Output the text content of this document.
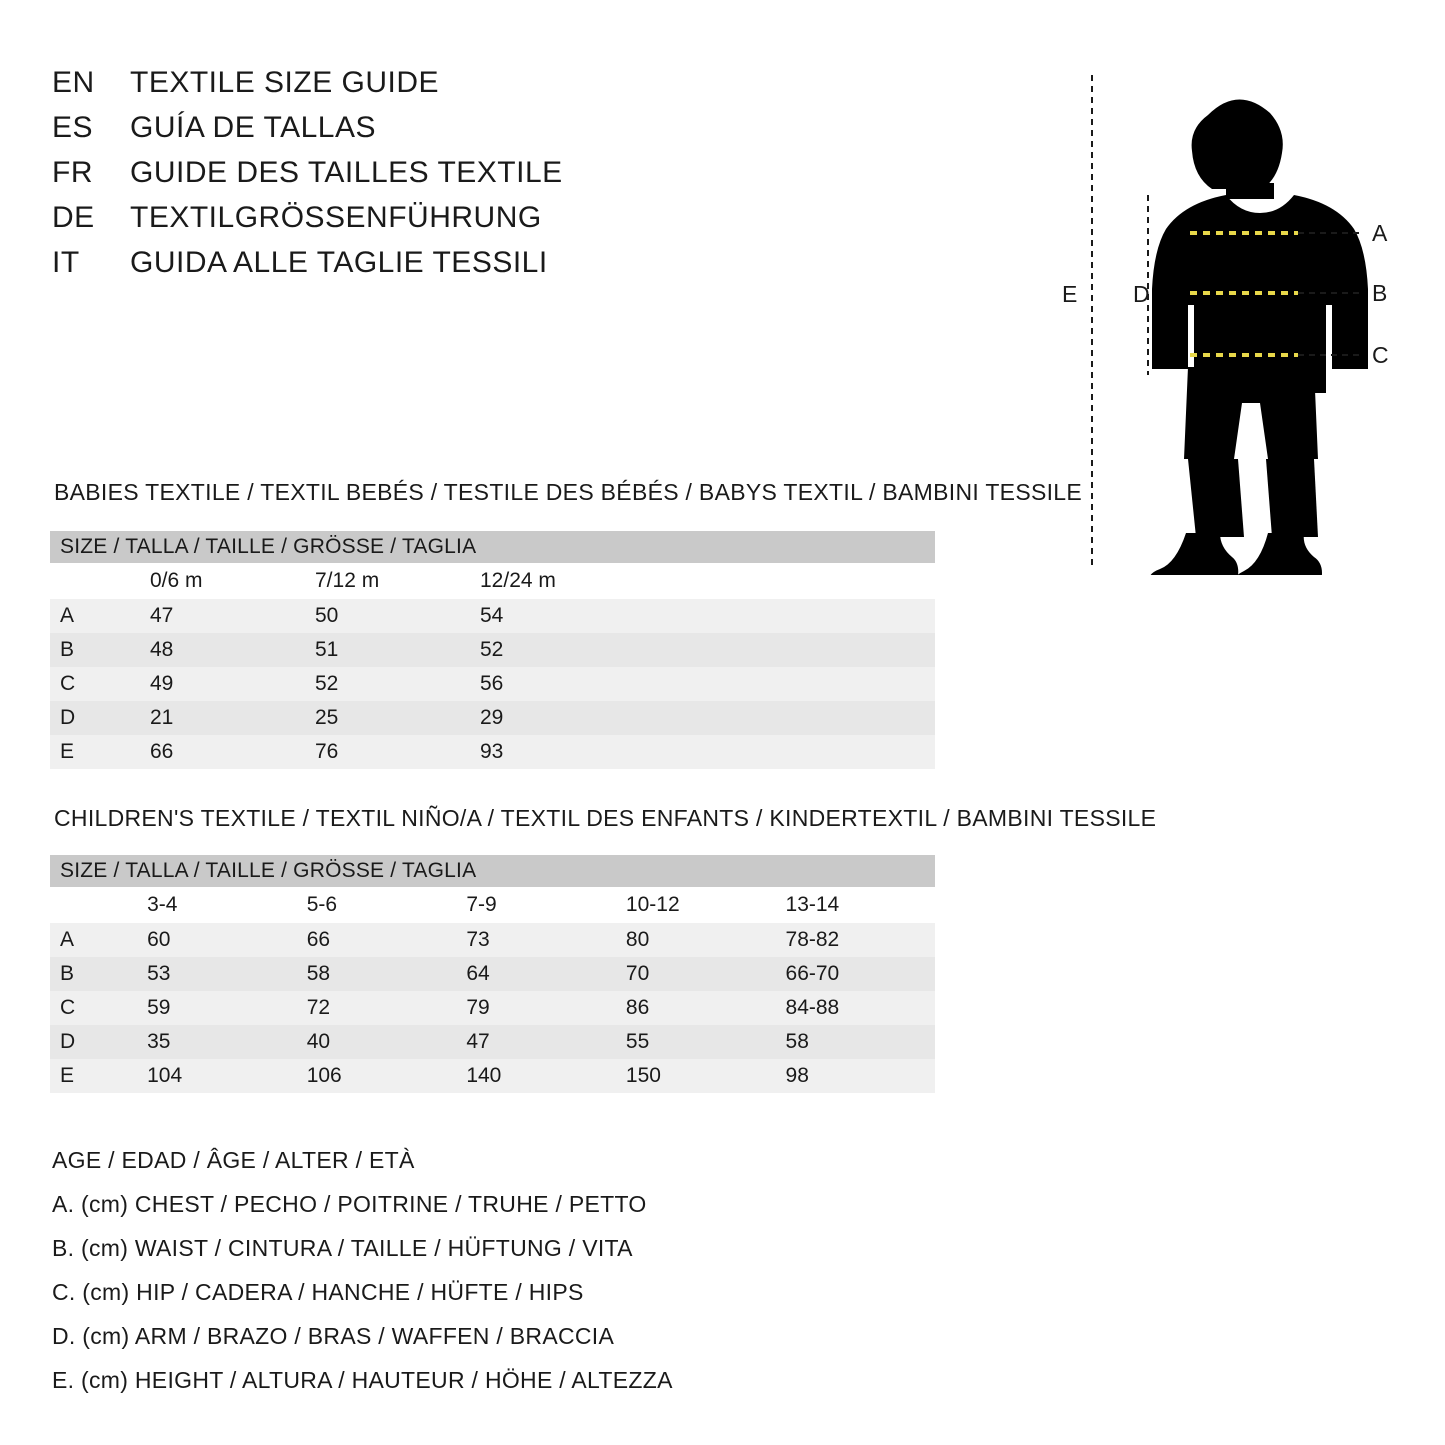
EN	TEXTILE SIZE GUIDE
ES	GUÍA DE TALLAS
FR	GUIDE DES TAILLES TEXTILE
DE	TEXTILGRÖSSENFÜHRUNG
IT	GUIDA ALLE TAGLIE TESSILI
A
B
C
D
E
BABIES TEXTILE / TEXTIL BEBÉS / TESTILE DES BÉBÉS / BABYS TEXTIL / BAMBINI TESSILE
SIZE / TALLA / TAILLE / GRÖSSE / TAGLIA				
	0/6 m	7/12 m	12/24 m	
A	47	50	54	
B	48	51	52	
C	49	52	56	
D	21	25	29	
E	66	76	93	
CHILDREN'S TEXTILE / TEXTIL NIÑO/A / TEXTIL DES ENFANTS / KINDERTEXTIL / BAMBINI TESSILE
SIZE / TALLA / TAILLE / GRÖSSE / TAGLIA					
	3-4	5-6	7-9	10-12	13-14
A	60	66	73	80	78-82
B	53	58	64	70	66-70
C	59	72	79	86	84-88
D	35	40	47	55	58
E	104	106	140	150	98
AGE / EDAD / ÂGE / ALTER / ETÀ
A. (cm) CHEST / PECHO / POITRINE / TRUHE / PETTO
B. (cm) WAIST / CINTURA / TAILLE / HÜFTUNG / VITA
C. (cm) HIP / CADERA / HANCHE / HÜFTE / HIPS
D. (cm) ARM / BRAZO / BRAS / WAFFEN / BRACCIA
E. (cm) HEIGHT / ALTURA / HAUTEUR / HÖHE / ALTEZZA
